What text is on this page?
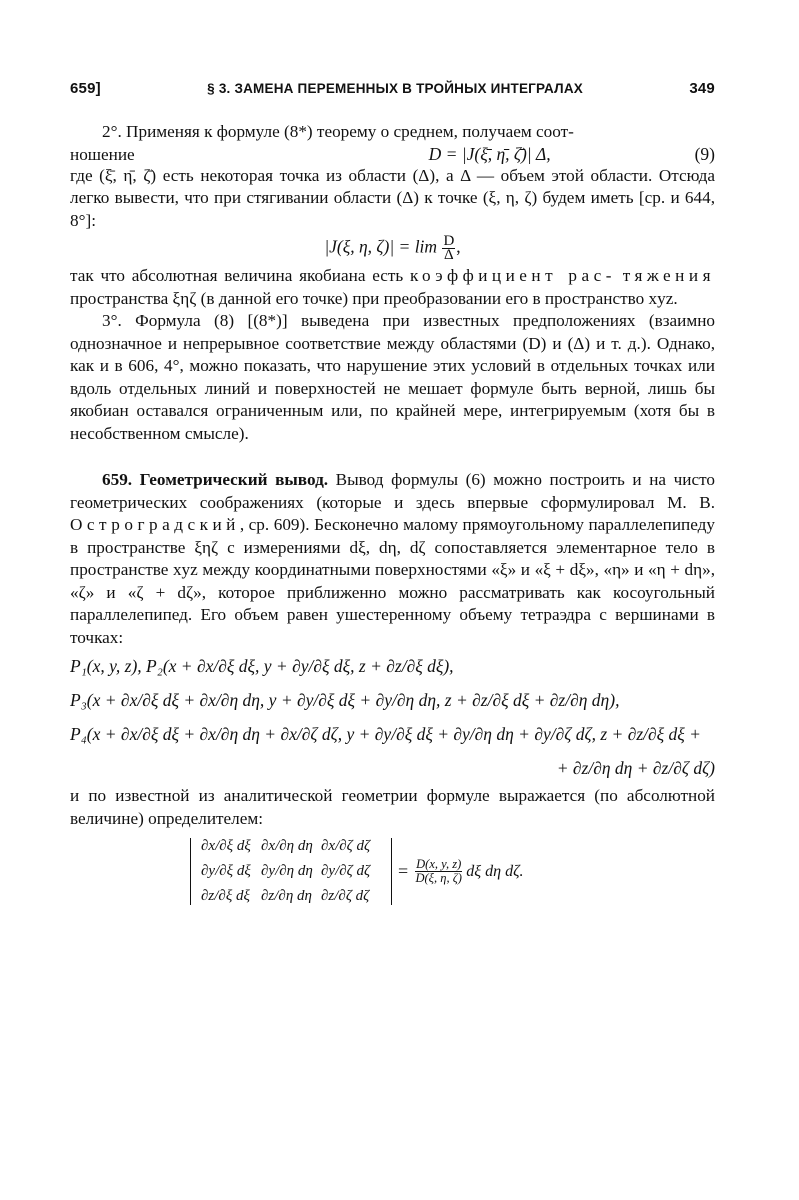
659]	§ 3. ЗАМЕНА ПЕРЕМЕННЫХ В ТРОЙНЫХ ИНТЕГРАЛАХ	349

2°. Применяя к формуле (8*) теорему о среднем, получаем соот-

ношение	D = |J(ξ̄, η̄, ζ̄)| Δ,	(9)

где (ξ̄, η̄, ζ̄) есть некоторая точка из области (Δ), а Δ — объем этой области. Отсюда легко вывести, что при стягивании области (Δ) к точке (ξ, η, ζ) будем иметь [ср. и 644, 8°]:

|J(ξ, η, $\zeta)| = \lim \frac{D}{\Delta}$ ,

так что абсолютная величина якобиана есть коэффициент рас- тяжения пространства ξηζ (в данной его точке) при преобразовании его в пространство xyz.

3°. Формула (8) [(8*)] выведена при известных предположениях (взаимно однозначное и непрерывное соответствие между областями (D) и (Δ) и т. д.). Однако, как и в 606, 4°, можно показать, что нарушение этих условий в отдельных точках или вдоль отдельных линий и поверхностей не мешает формуле быть верной, лишь бы якобиан оставался ограниченным или, по крайней мере, интегрируемым (хотя бы в несобственном смысле).

659. Геометрический вывод. Вывод формулы (6) можно построить и на чисто геометрических соображениях (которые и здесь впервые сформулировал М. В. Остроградский, ср. 609). Бесконечно малому прямоугольному параллелепипеду в пространстве ξηζ с измерениями dξ, dη, dζ сопоставляется элементарное тело в пространстве xyz между координатными поверхностями «ξ» и «ξ + dξ», «η» и «η + dη», «ζ» и «ζ + dζ», которое приближенно можно рассматривать как косоугольный параллелепипед. Его объем равен ушестеренному объему тетраэдра с вершинами в точках:

P₁(x, y, z), P₂(x + ∂x/∂ξ dξ, y + ∂y/∂ξ dξ, z + ∂z/∂ξ dξ),
P₃(x + ∂x/∂ξ dξ + ∂x/∂η dη, y + ∂y/∂ξ dξ + ∂y/∂η dη, z + ∂z/∂ξ dξ + ∂z/∂η dη),
P₄(x + ∂x/∂ξ dξ + ∂x/∂η dη + ∂x/∂ζ dζ, y + ∂y/∂ξ dξ + ∂y/∂η dη + ∂y/∂ζ dζ, z + ∂z/∂ξ dξ +
+ ∂z/∂η dη + ∂z/∂ζ dζ)

и по известной из аналитической геометрии формуле выражается (по абсолютной величине) определителем:

∂x/∂ξ dξ ∂x/∂η dη ∂x/∂ζ dζ
∂y/∂ξ dξ ∂y/∂η dη ∂y/∂ζ dζ
∂z/∂ξ dξ ∂z/∂η dη ∂z/∂ζ dζ
= $\frac{D(x, y, z)}{D(\xi, \eta, \zeta)}$ dξ dη dζ.
